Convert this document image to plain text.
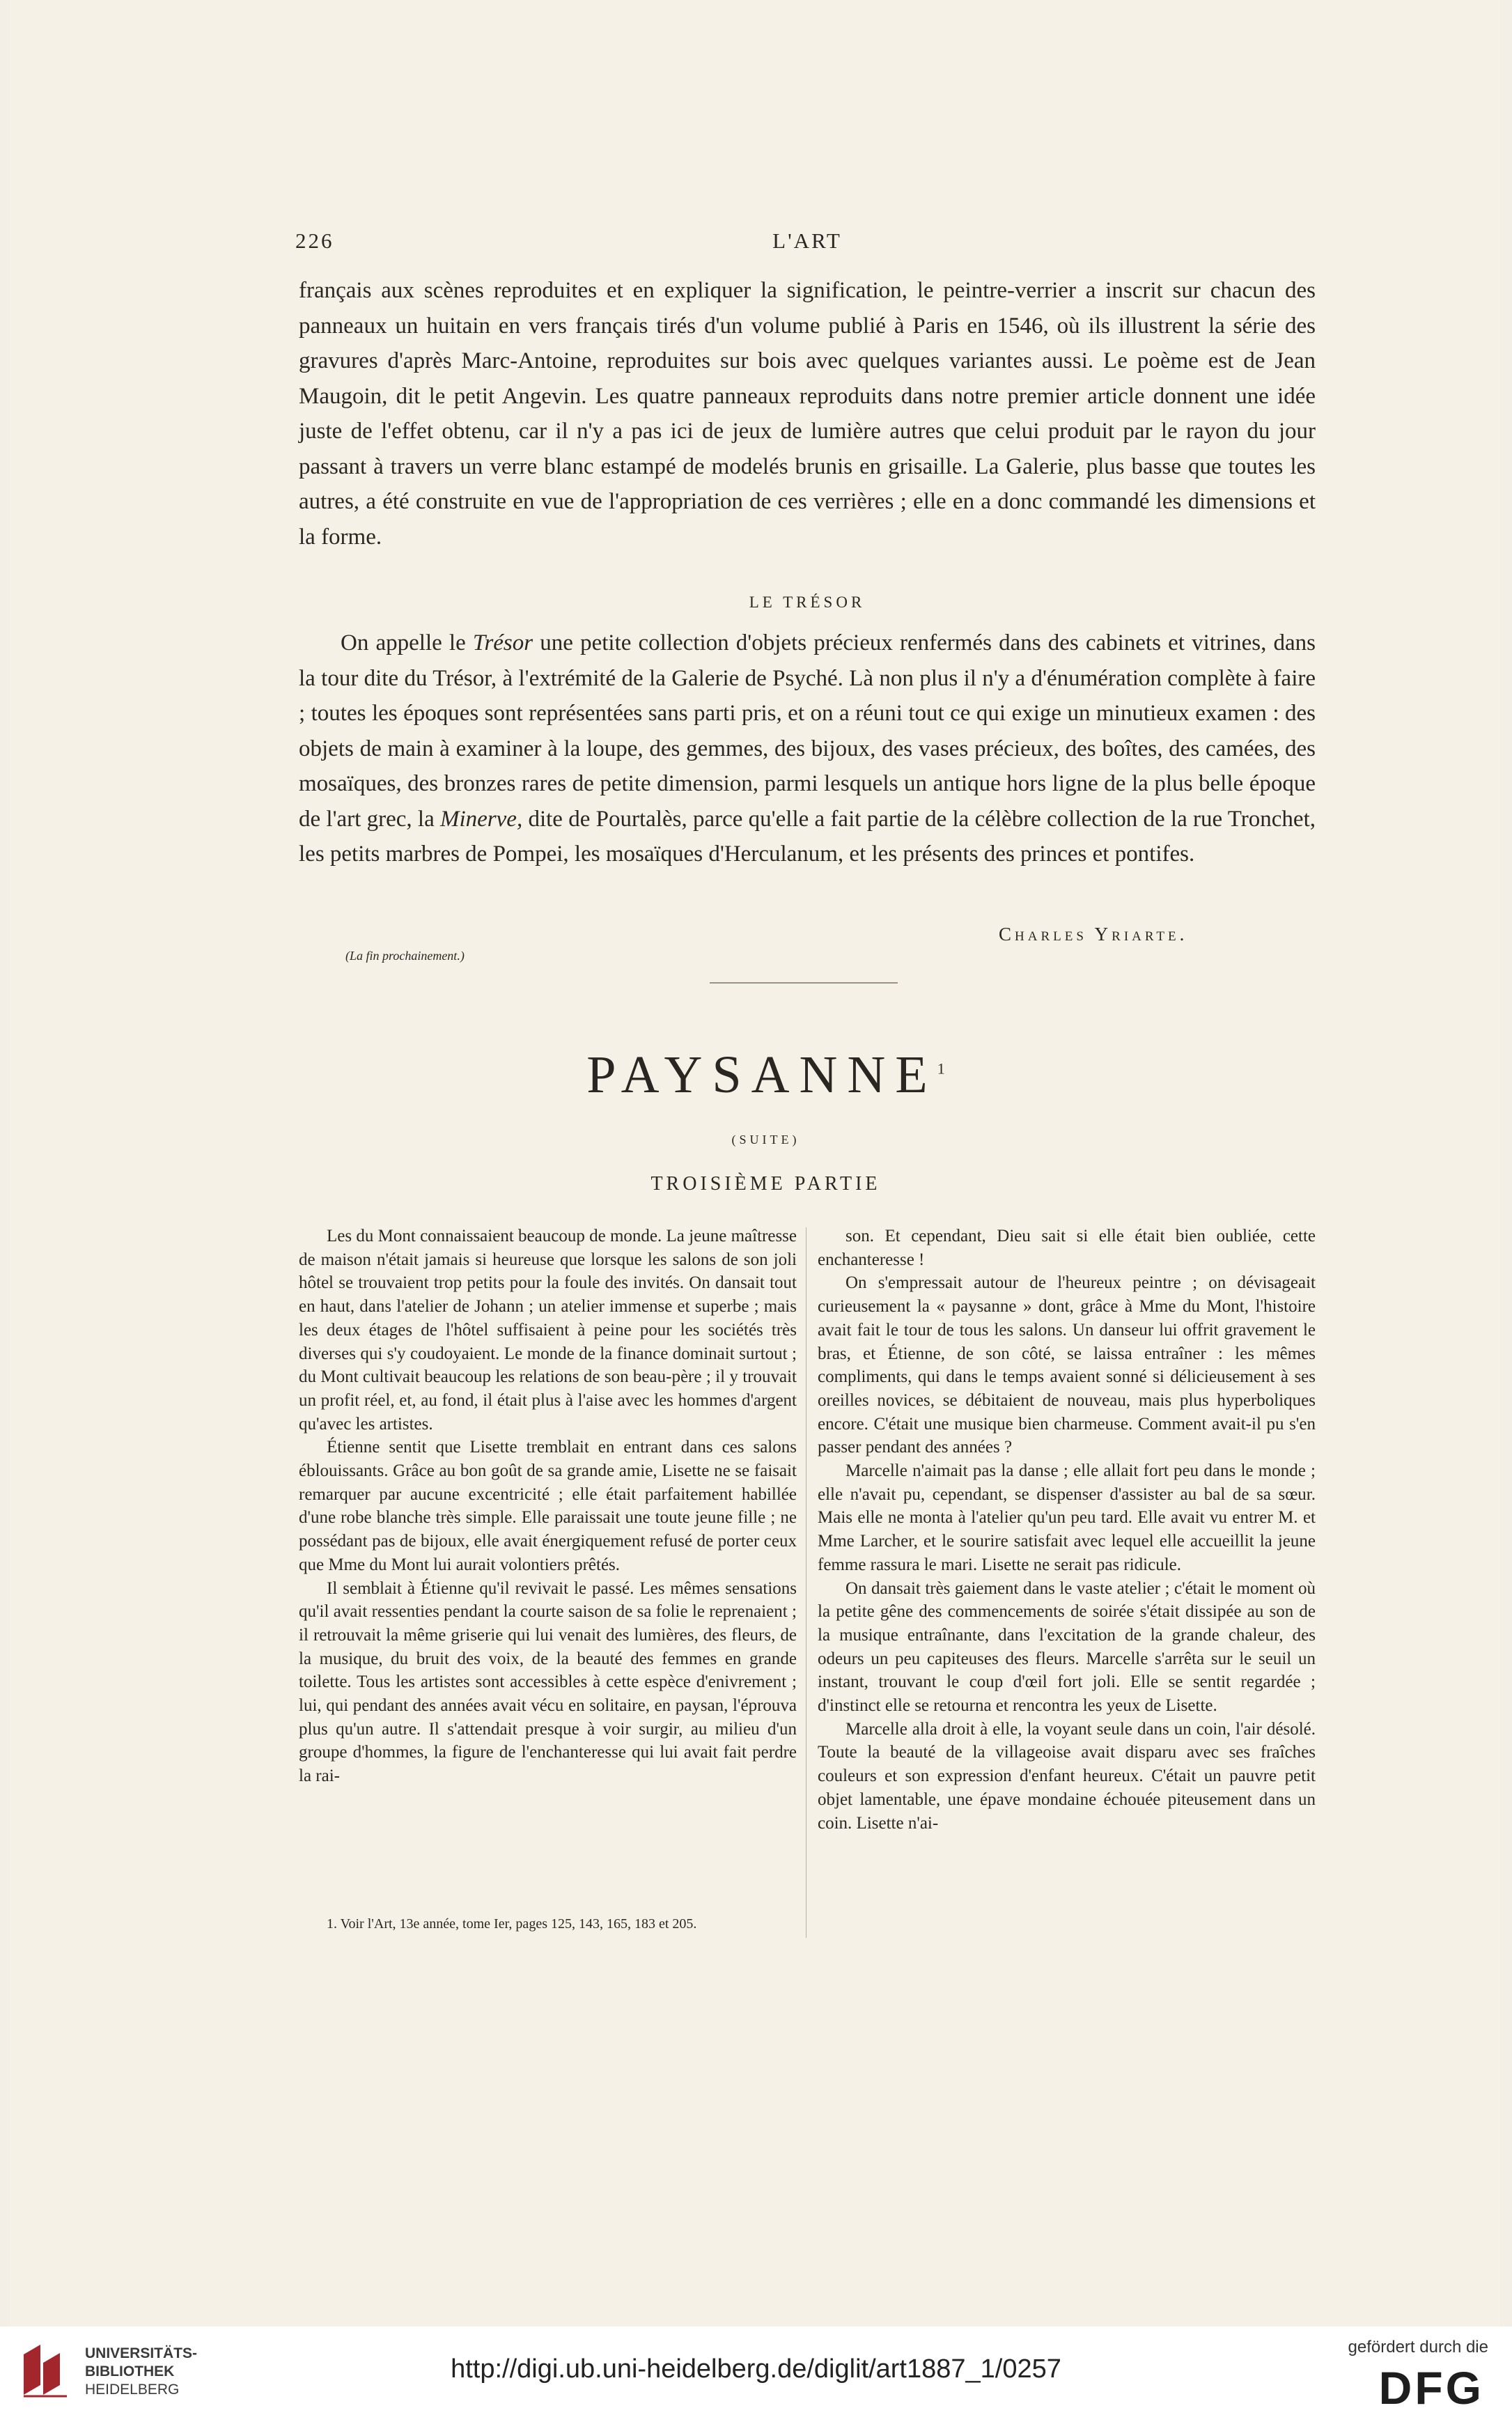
226	L'ART

français aux scènes reproduites et en expliquer la signification, le peintre-verrier a inscrit sur chacun des panneaux un huitain en vers français tirés d'un volume publié à Paris en 1546, où ils illustrent la série des gravures d'après Marc-Antoine, reproduites sur bois avec quelques variantes aussi. Le poème est de Jean Maugoin, dit le petit Angevin. Les quatre panneaux reproduits dans notre premier article donnent une idée juste de l'effet obtenu, car il n'y a pas ici de jeux de lumière autres que celui produit par le rayon du jour passant à travers un verre blanc estampé de modelés brunis en grisaille. La Galerie, plus basse que toutes les autres, a été construite en vue de l'appropriation de ces verrières ; elle en a donc commandé les dimensions et la forme.

LE TRÉSOR

On appelle le Trésor une petite collection d'objets précieux renfermés dans des cabinets et vitrines, dans la tour dite du Trésor, à l'extrémité de la Galerie de Psyché. Là non plus il n'y a d'énumération complète à faire ; toutes les époques sont représentées sans parti pris, et on a réuni tout ce qui exige un minutieux examen : des objets de main à examiner à la loupe, des gemmes, des bijoux, des vases précieux, des boîtes, des camées, des mosaïques, des bronzes rares de petite dimension, parmi lesquels un antique hors ligne de la plus belle époque de l'art grec, la Minerve, dite de Pourtalès, parce qu'elle a fait partie de la célèbre collection de la rue Tronchet, les petits marbres de Pompei, les mosaïques d'Herculanum, et les présents des princes et pontifes.

Charles Yriarte.
(La fin prochainement.)
PAYSANNE$^1$
(SUITE)
TROISIÈME PARTIE

Les du Mont connaissaient beaucoup de monde. La jeune maîtresse de maison n'était jamais si heureuse que lorsque les salons de son joli hôtel se trouvaient trop petits pour la foule des invités. On dansait tout en haut, dans l'atelier de Johann ; un atelier immense et superbe ; mais les deux étages de l'hôtel suffisaient à peine pour les sociétés très diverses qui s'y coudoyaient. Le monde de la finance dominait surtout ; du Mont cultivait beaucoup les relations de son beau-père ; il y trouvait un profit réel, et, au fond, il était plus à l'aise avec les hommes d'argent qu'avec les artistes.

Étienne sentit que Lisette tremblait en entrant dans ces salons éblouissants. Grâce au bon goût de sa grande amie, Lisette ne se faisait remarquer par aucune excentricité ; elle était parfaitement habillée d'une robe blanche très simple. Elle paraissait une toute jeune fille ; ne possédant pas de bijoux, elle avait énergiquement refusé de porter ceux que Mme du Mont lui aurait volontiers prêtés.

Il semblait à Étienne qu'il revivait le passé. Les mêmes sensations qu'il avait ressenties pendant la courte saison de sa folie le reprenaient ; il retrouvait la même griserie qui lui venait des lumières, des fleurs, de la musique, du bruit des voix, de la beauté des femmes en grande toilette. Tous les artistes sont accessibles à cette espèce d'enivrement ; lui, qui pendant des années avait vécu en solitaire, en paysan, l'éprouva plus qu'un autre. Il s'attendait presque à voir surgir, au milieu d'un groupe d'hommes, la figure de l'enchanteresse qui lui avait fait perdre la rai-

son. Et cependant, Dieu sait si elle était bien oubliée, cette enchanteresse !

On s'empressait autour de l'heureux peintre ; on dévisageait curieusement la « paysanne » dont, grâce à Mme du Mont, l'histoire avait fait le tour de tous les salons. Un danseur lui offrit gravement le bras, et Étienne, de son côté, se laissa entraîner : les mêmes compliments, qui dans le temps avaient sonné si délicieusement à ses oreilles novices, se débitaient de nouveau, mais plus hyperboliques encore. C'était une musique bien charmeuse. Comment avait-il pu s'en passer pendant des années ?

Marcelle n'aimait pas la danse ; elle allait fort peu dans le monde ; elle n'avait pu, cependant, se dispenser d'assister au bal de sa sœur. Mais elle ne monta à l'atelier qu'un peu tard. Elle avait vu entrer M. et Mme Larcher, et le sourire satisfait avec lequel elle accueillit la jeune femme rassura le mari. Lisette ne serait pas ridicule.

On dansait très gaiement dans le vaste atelier ; c'était le moment où la petite gêne des commencements de soirée s'était dissipée au son de la musique entraînante, dans l'excitation de la grande chaleur, des odeurs un peu capiteuses des fleurs. Marcelle s'arrêta sur le seuil un instant, trouvant le coup d'œil fort joli. Elle se sentit regardée ; d'instinct elle se retourna et rencontra les yeux de Lisette.

Marcelle alla droit à elle, la voyant seule dans un coin, l'air désolé. Toute la beauté de la villageoise avait disparu avec ses fraîches couleurs et son expression d'enfant heureux. C'était un pauvre petit objet lamentable, une épave mondaine échouée piteusement dans un coin. Lisette n'ai-

1. Voir l'Art, 13e année, tome Ier, pages 125, 143, 165, 183 et 205.
UNIVERSITÄTS-
BIBLIOTHEK
HEIDELBERG
http://digi.ub.uni-heidelberg.de/diglit/art1887_1/0257
gefördert durch die
DFG
